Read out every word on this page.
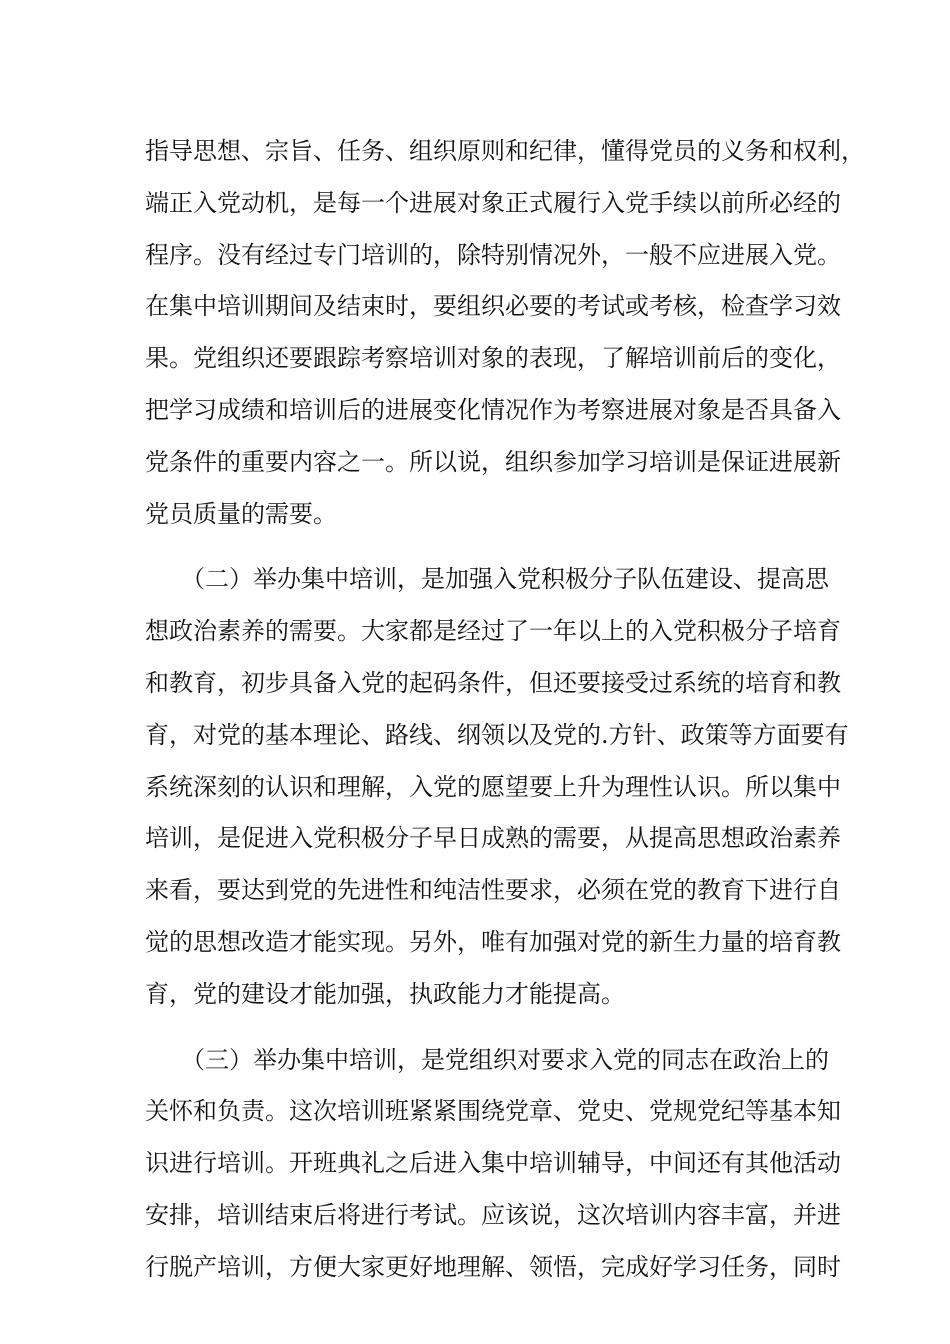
指导思想、宗旨、任务、组织原则和纪律，懂得党员的义务和权利，
端正入党动机，是每一个进展对象正式履行入党手续以前所必经的
程序。没有经过专门培训的，除特别情况外，一般不应进展入党。
在集中培训期间及结束时，要组织必要的考试或考核，检查学习效
果。党组织还要跟踪考察培训对象的表现，了解培训前后的变化，
把学习成绩和培训后的进展变化情况作为考察进展对象是否具备入
党条件的重要内容之一。所以说，组织参加学习培训是保证进展新
党员质量的需要。
　　（二）举办集中培训，是加强入党积极分子队伍建设、提高思
想政治素养的需要。大家都是经过了一年以上的入党积极分子培育
和教育，初步具备入党的起码条件，但还要接受过系统的培育和教
育，对党的基本理论、路线、纲领以及党的.方针、政策等方面要有
系统深刻的认识和理解，入党的愿望要上升为理性认识。所以集中
培训，是促进入党积极分子早日成熟的需要，从提高思想政治素养
来看，要达到党的先进性和纯洁性要求，必须在党的教育下进行自
觉的思想改造才能实现。另外，唯有加强对党的新生力量的培育教
育，党的建设才能加强，执政能力才能提高。
　　（三）举办集中培训，是党组织对要求入党的同志在政治上的
关怀和负责。这次培训班紧紧围绕党章、党史、党规党纪等基本知
识进行培训。开班典礼之后进入集中培训辅导，中间还有其他活动
安排，培训结束后将进行考试。应该说，这次培训内容丰富，并进
行脱产培训，方便大家更好地理解、领悟，完成好学习任务，同时
